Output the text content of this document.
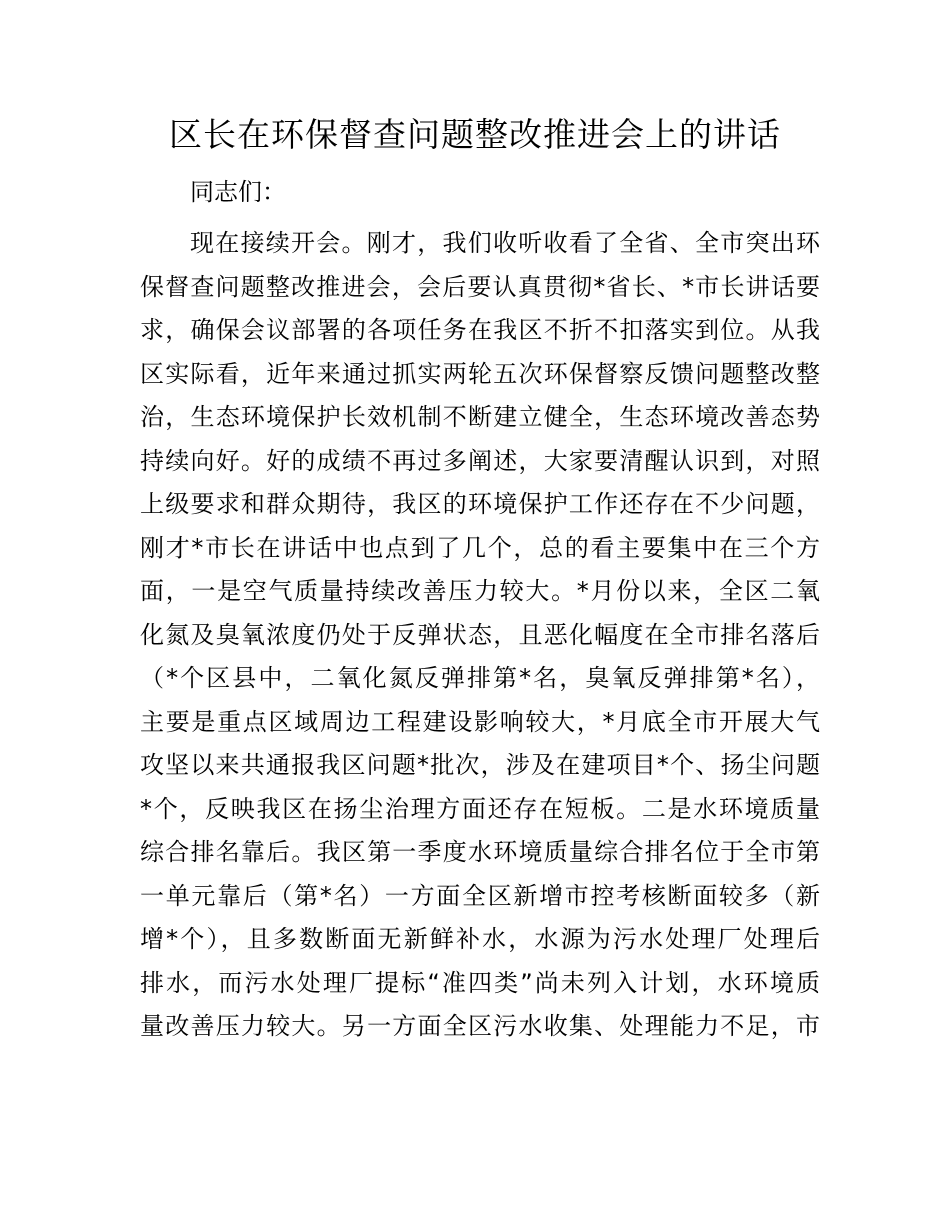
区长在环保督查问题整改推进会上的讲话
同志们：
现在接续开会。刚才，我们收听收看了全省、全市突出环
保督查问题整改推进会，会后要认真贯彻*省长、*市长讲话要
求，确保会议部署的各项任务在我区不折不扣落实到位。从我
区实际看，近年来通过抓实两轮五次环保督察反馈问题整改整
治，生态环境保护长效机制不断建立健全，生态环境改善态势
持续向好。好的成绩不再过多阐述，大家要清醒认识到，对照
上级要求和群众期待，我区的环境保护工作还存在不少问题，
刚才*市长在讲话中也点到了几个，总的看主要集中在三个方
面，一是空气质量持续改善压力较大。*月份以来，全区二氧
化氮及臭氧浓度仍处于反弹状态，且恶化幅度在全市排名落后
（*个区县中，二氧化氮反弹排第*名，臭氧反弹排第*名），
主要是重点区域周边工程建设影响较大，*月底全市开展大气
攻坚以来共通报我区问题*批次，涉及在建项目*个、扬尘问题
*个，反映我区在扬尘治理方面还存在短板。二是水环境质量
综合排名靠后。我区第一季度水环境质量综合排名位于全市第
一单元靠后（第*名）一方面全区新增市控考核断面较多（新
增*个），且多数断面无新鲜补水，水源为污水处理厂处理后
排水，而污水处理厂提标“准四类”尚未列入计划，水环境质
量改善压力较大。另一方面全区污水收集、处理能力不足，市
